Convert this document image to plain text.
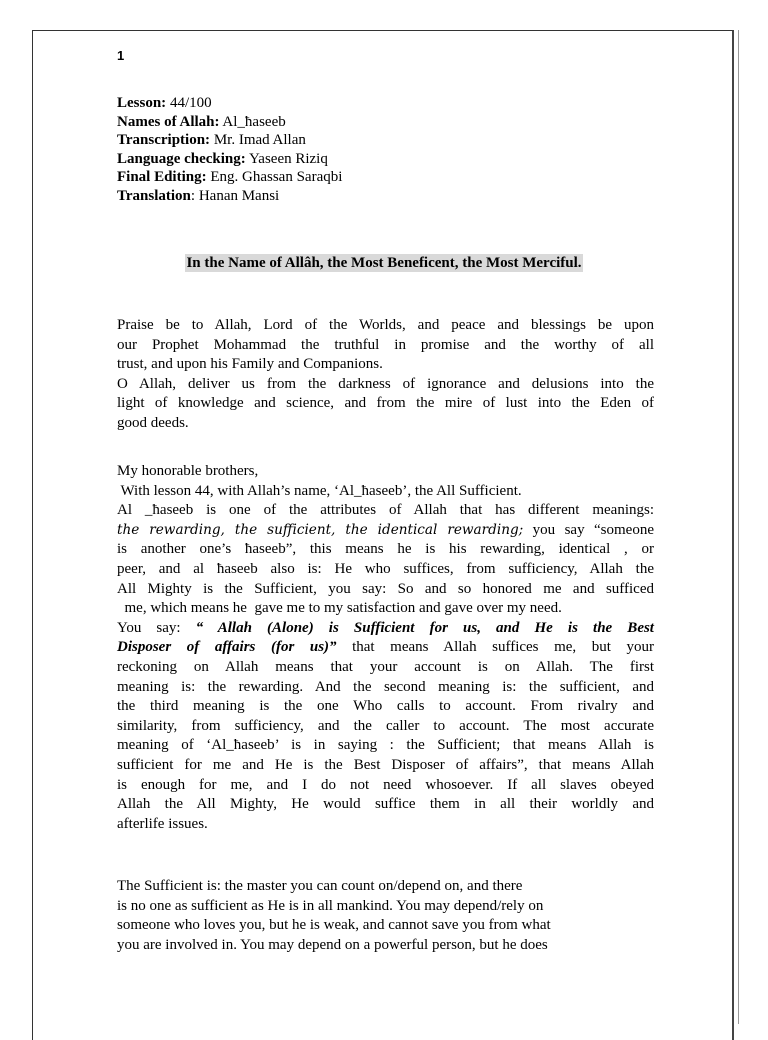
1
Lesson: 44/100
Names of Allah: Al_ħaseeb
Transcription: Mr. Imad Allan
Language checking: Yaseen Riziq
Final Editing: Eng. Ghassan Saraqbi
Translation: Hanan Mansi
In the Name of Allâh, the Most Beneficent, the Most Merciful.
Praise be to Allah, Lord of the Worlds, and peace and blessings be upon
our Prophet Mohammad the truthful in promise and the worthy of all
trust, and upon his Family and Companions.
O Allah, deliver us from the darkness of ignorance and delusions into the
light of knowledge and science, and from the mire of lust into the Eden of
good deeds.
My honorable brothers,
With lesson 44, with Allah’s name, ‘Al_ħaseeb’, the All Sufficient.
Al _ħaseeb is one of the attributes of Allah that has different meanings:
the rewarding, the sufficient, the identical rewarding; you say “someone
is another one’s ħaseeb”, this means he is his rewarding, identical , or
peer, and al ħaseeb also is: He who suffices, from sufficiency, Allah the
All Mighty is the Sufficient, you say: So and so honored me and sufficed
me, which means he  gave me to my satisfaction and gave over my need.
You say: “ Allah (Alone) is Sufficient for us, and He is the Best
Disposer of affairs (for us)” that means Allah suffices me, but your
reckoning on Allah means that your account is on Allah. The first
meaning is: the rewarding. And the second meaning is: the sufficient, and
the third meaning is the one Who calls to account. From rivalry and
similarity, from sufficiency, and the caller to account. The most accurate
meaning of ‘Al_ħaseeb’ is in saying : the Sufficient; that means Allah is
sufficient for me and He is the Best Disposer of affairs”, that means Allah
is enough for me, and I do not need whosoever. If all slaves obeyed
Allah the All Mighty, He would suffice them in all their worldly and
afterlife issues.
The Sufficient is: the master you can count on/depend on, and there
is no one as sufficient as He is in all mankind. You may depend/rely on
someone who loves you, but he is weak, and cannot save you from what
you are involved in. You may depend on a powerful person, but he does
